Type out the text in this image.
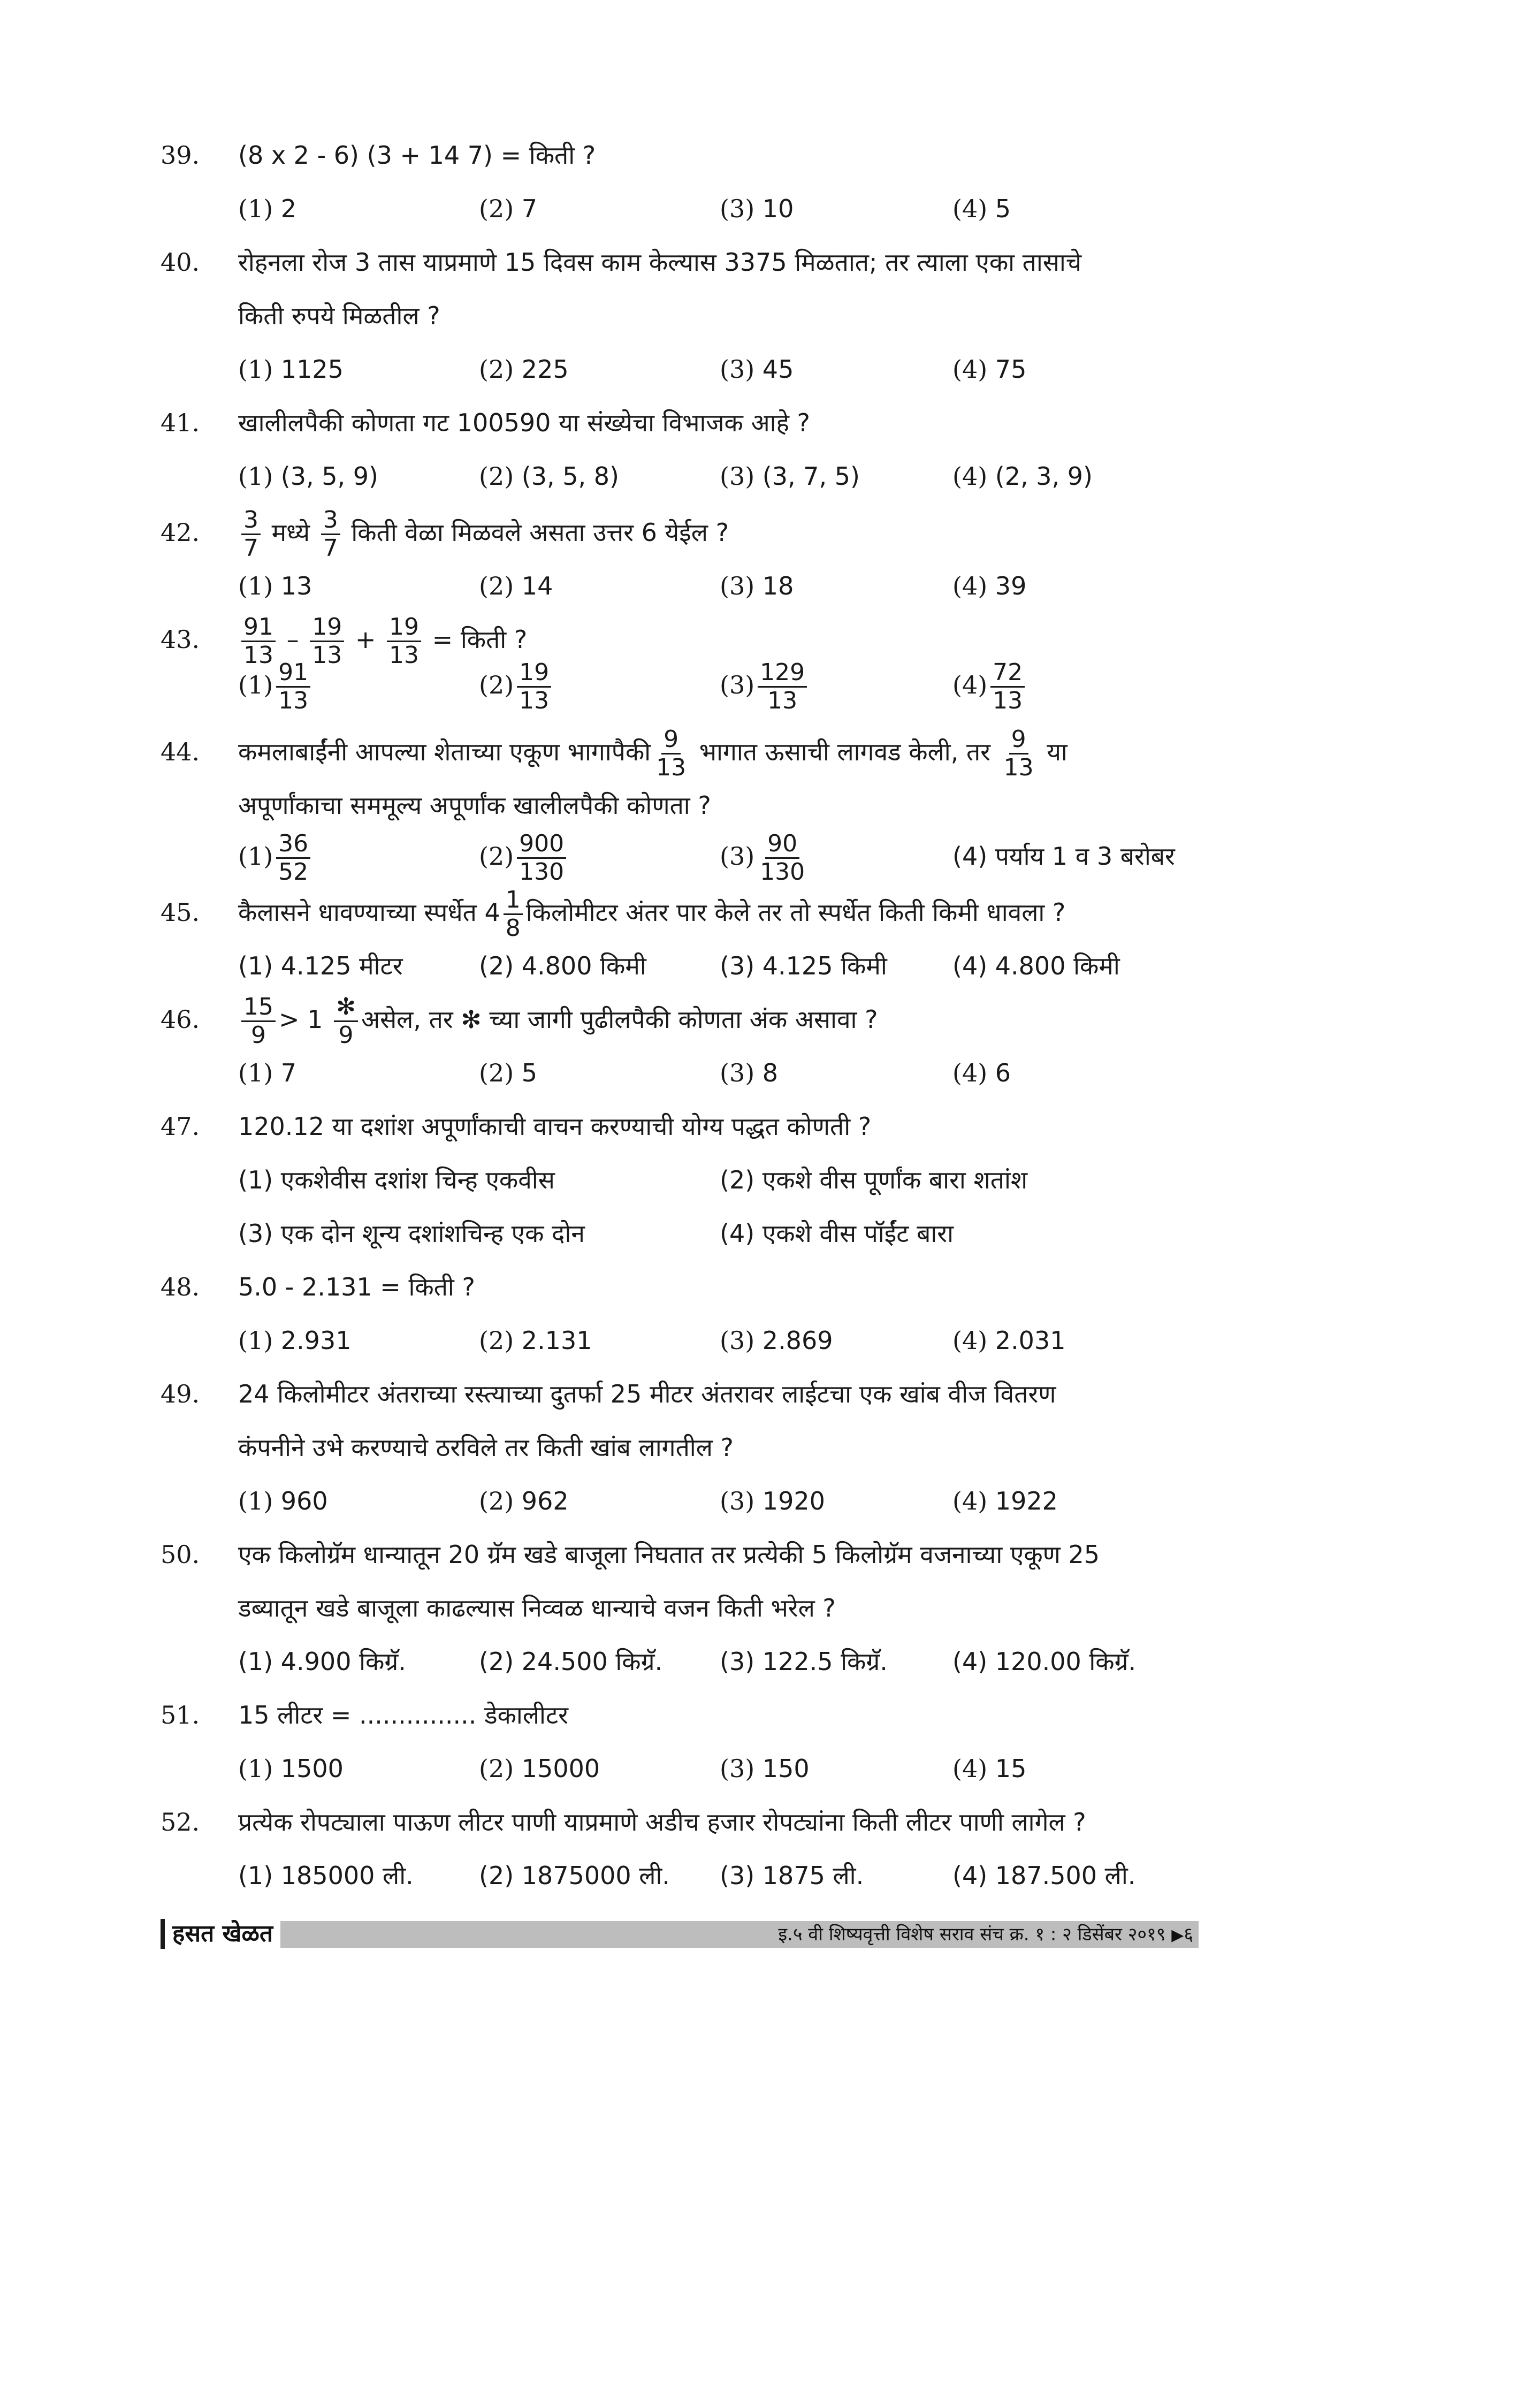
39.	(8 x 2 - 6) (3 + 14 7) = किती ?
(1) 2	(2) 7	(3) 10	(4) 5
40.	रोहनला रोज 3 तास याप्रमाणे 15 दिवस काम केल्यास 3375 मिळतात; तर त्याला एका तासाचे
किती रुपये मिळतील ?
(1) 1125	(2) 225	(3) 45	(4) 75
41.	खालीलपैकी कोणता गट 100590 या संख्येचा विभाजक आहे ?
(1) (3, 5, 9)	(2) (3, 5, 8)	(3) (3, 7, 5)	(4) (2, 3, 9)
42.	$\frac{3}{7}$ मध्ये $\frac{3}{7}$ किती वेळा मिळवले असता उत्तर 6 येईल ?
(1) 13	(2) 14	(3) 18	(4) 39
43.	$\frac{91}{13} - \frac{19}{13} + \frac{19}{13}$ = किती ?
$(1) \frac{91}{13}$	$(2) \frac{19}{13}$	$(3) \frac{129}{13}$	$(4) \frac{72}{13}$
44.	कमलाबाईंनी आपल्या शेताच्या एकूण भागापैकी $\frac{9}{13}$ भागात ऊसाची लागवड केली, तर $\frac{9}{13}$ या
अपूर्णांकाचा सममूल्य अपूर्णांक खालीलपैकी कोणता ?
$(1) \frac{36}{52}$	$(2) \frac{900}{130}$	$(3) \frac{90}{130}$	(4) पर्याय 1 व 3 बरोबर
45.	कैलासने धावण्याच्या स्पर्धेत $4 \frac{1}{8}$ किलोमीटर अंतर पार केले तर तो स्पर्धेत किती किमी धावला ?
(1) 4.125 मीटर	(2) 4.800 किमी	(3) 4.125 किमी	(4) 4.800 किमी
46.	$\frac{15}{9} > 1 \frac{✻}{9}$ असेल, तर ✻ च्या जागी पुढीलपैकी कोणता अंक असावा ?
(1) 7	(2) 5	(3) 8	(4) 6
47.	120.12 या दशांश अपूर्णांकाची वाचन करण्याची योग्य पद्धत कोणती ?
(1) एकशेवीस दशांश चिन्ह एकवीस	(2) एकशे वीस पूर्णांक बारा शतांश
(3) एक दोन शून्य दशांशचिन्ह एक दोन	(4) एकशे वीस पॉईंट बारा
48.	5.0 - 2.131 = किती ?
(1) 2.931	(2) 2.131	(3) 2.869	(4) 2.031
49.	24 किलोमीटर अंतराच्या रस्त्याच्या दुतर्फा 25 मीटर अंतरावर लाईटचा एक खांब वीज वितरण
कंपनीने उभे करण्याचे ठरविले तर किती खांब लागतील ?
(1) 960	(2) 962	(3) 1920	(4) 1922
50.	एक किलोग्रॅम धान्यातून 20 ग्रॅम खडे बाजूला निघतात तर प्रत्येकी 5 किलोग्रॅम वजनाच्या एकूण 25
डब्यातून खडे बाजूला काढल्यास निव्वळ धान्याचे वजन किती भरेल ?
(1) 4.900 किग्रॅ.	(2) 24.500 किग्रॅ. (3) 122.5 किग्रॅ.	(4) 120.00 किग्रॅ.
51.	15 लीटर = ............... डेकालीटर
(1) 1500	(2) 15000	(3) 150	(4) 15
52.	प्रत्येक रोपट्याला पाऊण लीटर पाणी याप्रमाणे अडीच हजार रोपट्यांना किती लीटर पाणी लागेल ?
(1) 185000 ली.	(2) 1875000 ली. (3) 1875 ली.	(4) 187.500 ली.
हसत खेळत	इ.५ वी शिष्यवृत्ती विशेष सराव संच क्र. १ : २ डिसेंबर २०१९ ▶६
